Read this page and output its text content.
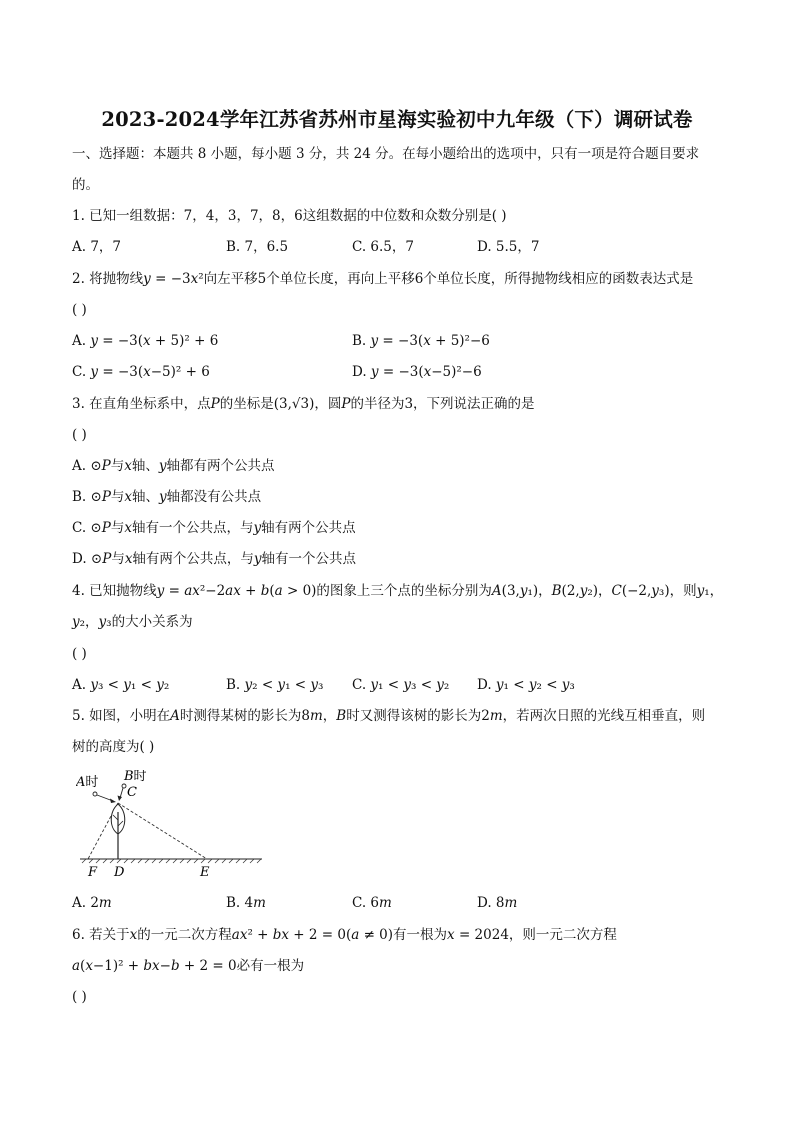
2023-2024学年江苏省苏州市星海实验初中九年级（下）调研试卷
一、选择题：本题共 8 小题，每小题 3 分，共 24 分。在每小题给出的选项中，只有一项是符合题目要求
的。
1. 已知一组数据：7，4，3，7，8，6这组数据的中位数和众数分别是( )
A. 7，7	B. 7，6.5	C. 6.5，7	D. 5.5，7
2. 将抛物线𝑦 = −3𝑥²向左平移5个单位长度，再向上平移6个单位长度，所得抛物线相应的函数表达式是
( )
A. 𝑦 = −3(𝑥 + 5)² + 6	B. 𝑦 = −3(𝑥 + 5)²−6
C. 𝑦 = −3(𝑥−5)² + 6	D. 𝑦 = −3(𝑥−5)²−6
3. 在直角坐标系中，点𝑃的坐标是(3,√3)，圆𝑃的半径为3，下列说法正确的是
( )
A. ⊙𝑃与𝑥轴、𝑦轴都有两个公共点
B. ⊙𝑃与𝑥轴、𝑦轴都没有公共点
C. ⊙𝑃与𝑥轴有一个公共点，与𝑦轴有两个公共点
D. ⊙𝑃与𝑥轴有两个公共点，与𝑦轴有一个公共点
4. 已知抛物线𝑦 = 𝑎𝑥²−2𝑎𝑥 + 𝑏(𝑎 > 0)的图象上三个点的坐标分别为𝐴(3,𝑦₁)，𝐵(2,𝑦₂)，𝐶(−2,𝑦₃)，则𝑦₁，
𝑦₂，𝑦₃的大小关系为
( )
A. 𝑦₃ < 𝑦₁ < 𝑦₂	B. 𝑦₂ < 𝑦₁ < 𝑦₃ C. 𝑦₁ < 𝑦₃ < 𝑦₂ D. 𝑦₁ < 𝑦₂ < 𝑦₃
5. 如图，小明在𝐴时测得某树的影长为8𝑚，𝐵时又测得该树的影长为2𝑚，若两次日照的光线互相垂直，则
树的高度为( )
𝐴时 𝐵时
𝐶
𝐹 𝐷	𝐸
A. 2𝑚	B. 4𝑚	C. 6𝑚	D. 8𝑚
6. 若关于𝑥的一元二次方程𝑎𝑥² + 𝑏𝑥 + 2 = 0(𝑎 ≠ 0)有一根为𝑥 = 2024，则一元二次方程
𝑎(𝑥−1)² + 𝑏𝑥−𝑏 + 2 = 0必有一根为
( )
